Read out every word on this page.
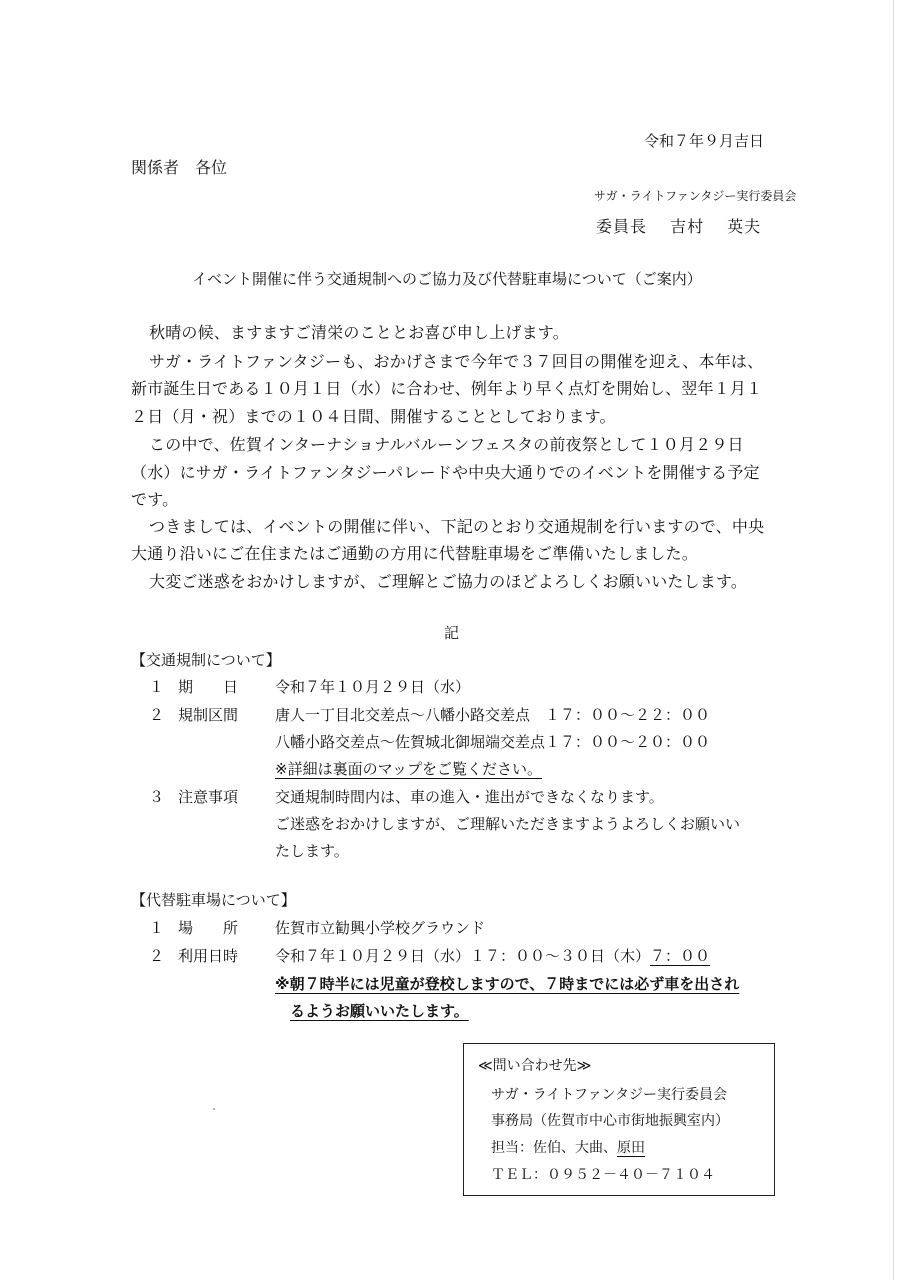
令和７年９月吉日
関係者　各位
サガ・ライトファンタジー実行委員会
委員長　 吉村　 英夫
イベント開催に伴う交通規制へのご協力及び代替駐車場について（ご案内）
秋晴の候、ますますご清栄のこととお喜び申し上げます。
サガ・ライトファンタジーも、おかげさまで今年で３７回目の開催を迎え、本年は、
新市誕生日である１０月１日（水）に合わせ、例年より早く点灯を開始し、翌年１月１
２日（月・祝）までの１０４日間、開催することとしております。
この中で、佐賀インターナショナルバルーンフェスタの前夜祭として１０月２９日
（水）にサガ・ライトファンタジーパレードや中央大通りでのイベントを開催する予定
です。
つきましては、イベントの開催に伴い、下記のとおり交通規制を行いますので、中央
大通り沿いにご在住またはご通勤の方用に代替駐車場をご準備いたしました。
大変ご迷惑をおかけしますが、ご理解とご協力のほどよろしくお願いいたします。
記
【交通規制について】
１ 期　　日 令和７年１０月２９日（水）
２ 規制区間 唐人一丁目北交差点～八幡小路交差点　１７：００～２２：００
八幡小路交差点～佐賀城北御堀端交差点１７：００～２０：００
※詳細は裏面のマップをご覧ください。
３ 注意事項 交通規制時間内は、車の進入・進出ができなくなります。
ご迷惑をおかけしますが、ご理解いただきますようよろしくお願いい
たします。
【代替駐車場について】
１ 場　　所 佐賀市立勧興小学校グラウンド
２ 利用日時 令和７年１０月２９日（水）１７：００～３０日（木）７：００
※朝７時半には児童が登校しますので、７時までには必ず車を出され
るようお願いいたします。
≪問い合わせ先≫
サガ・ライトファンタジー実行委員会
事務局（佐賀市中心市街地振興室内）
担当：佐伯、大曲、原田
ＴＥＬ：０９５２－４０－７１０４
